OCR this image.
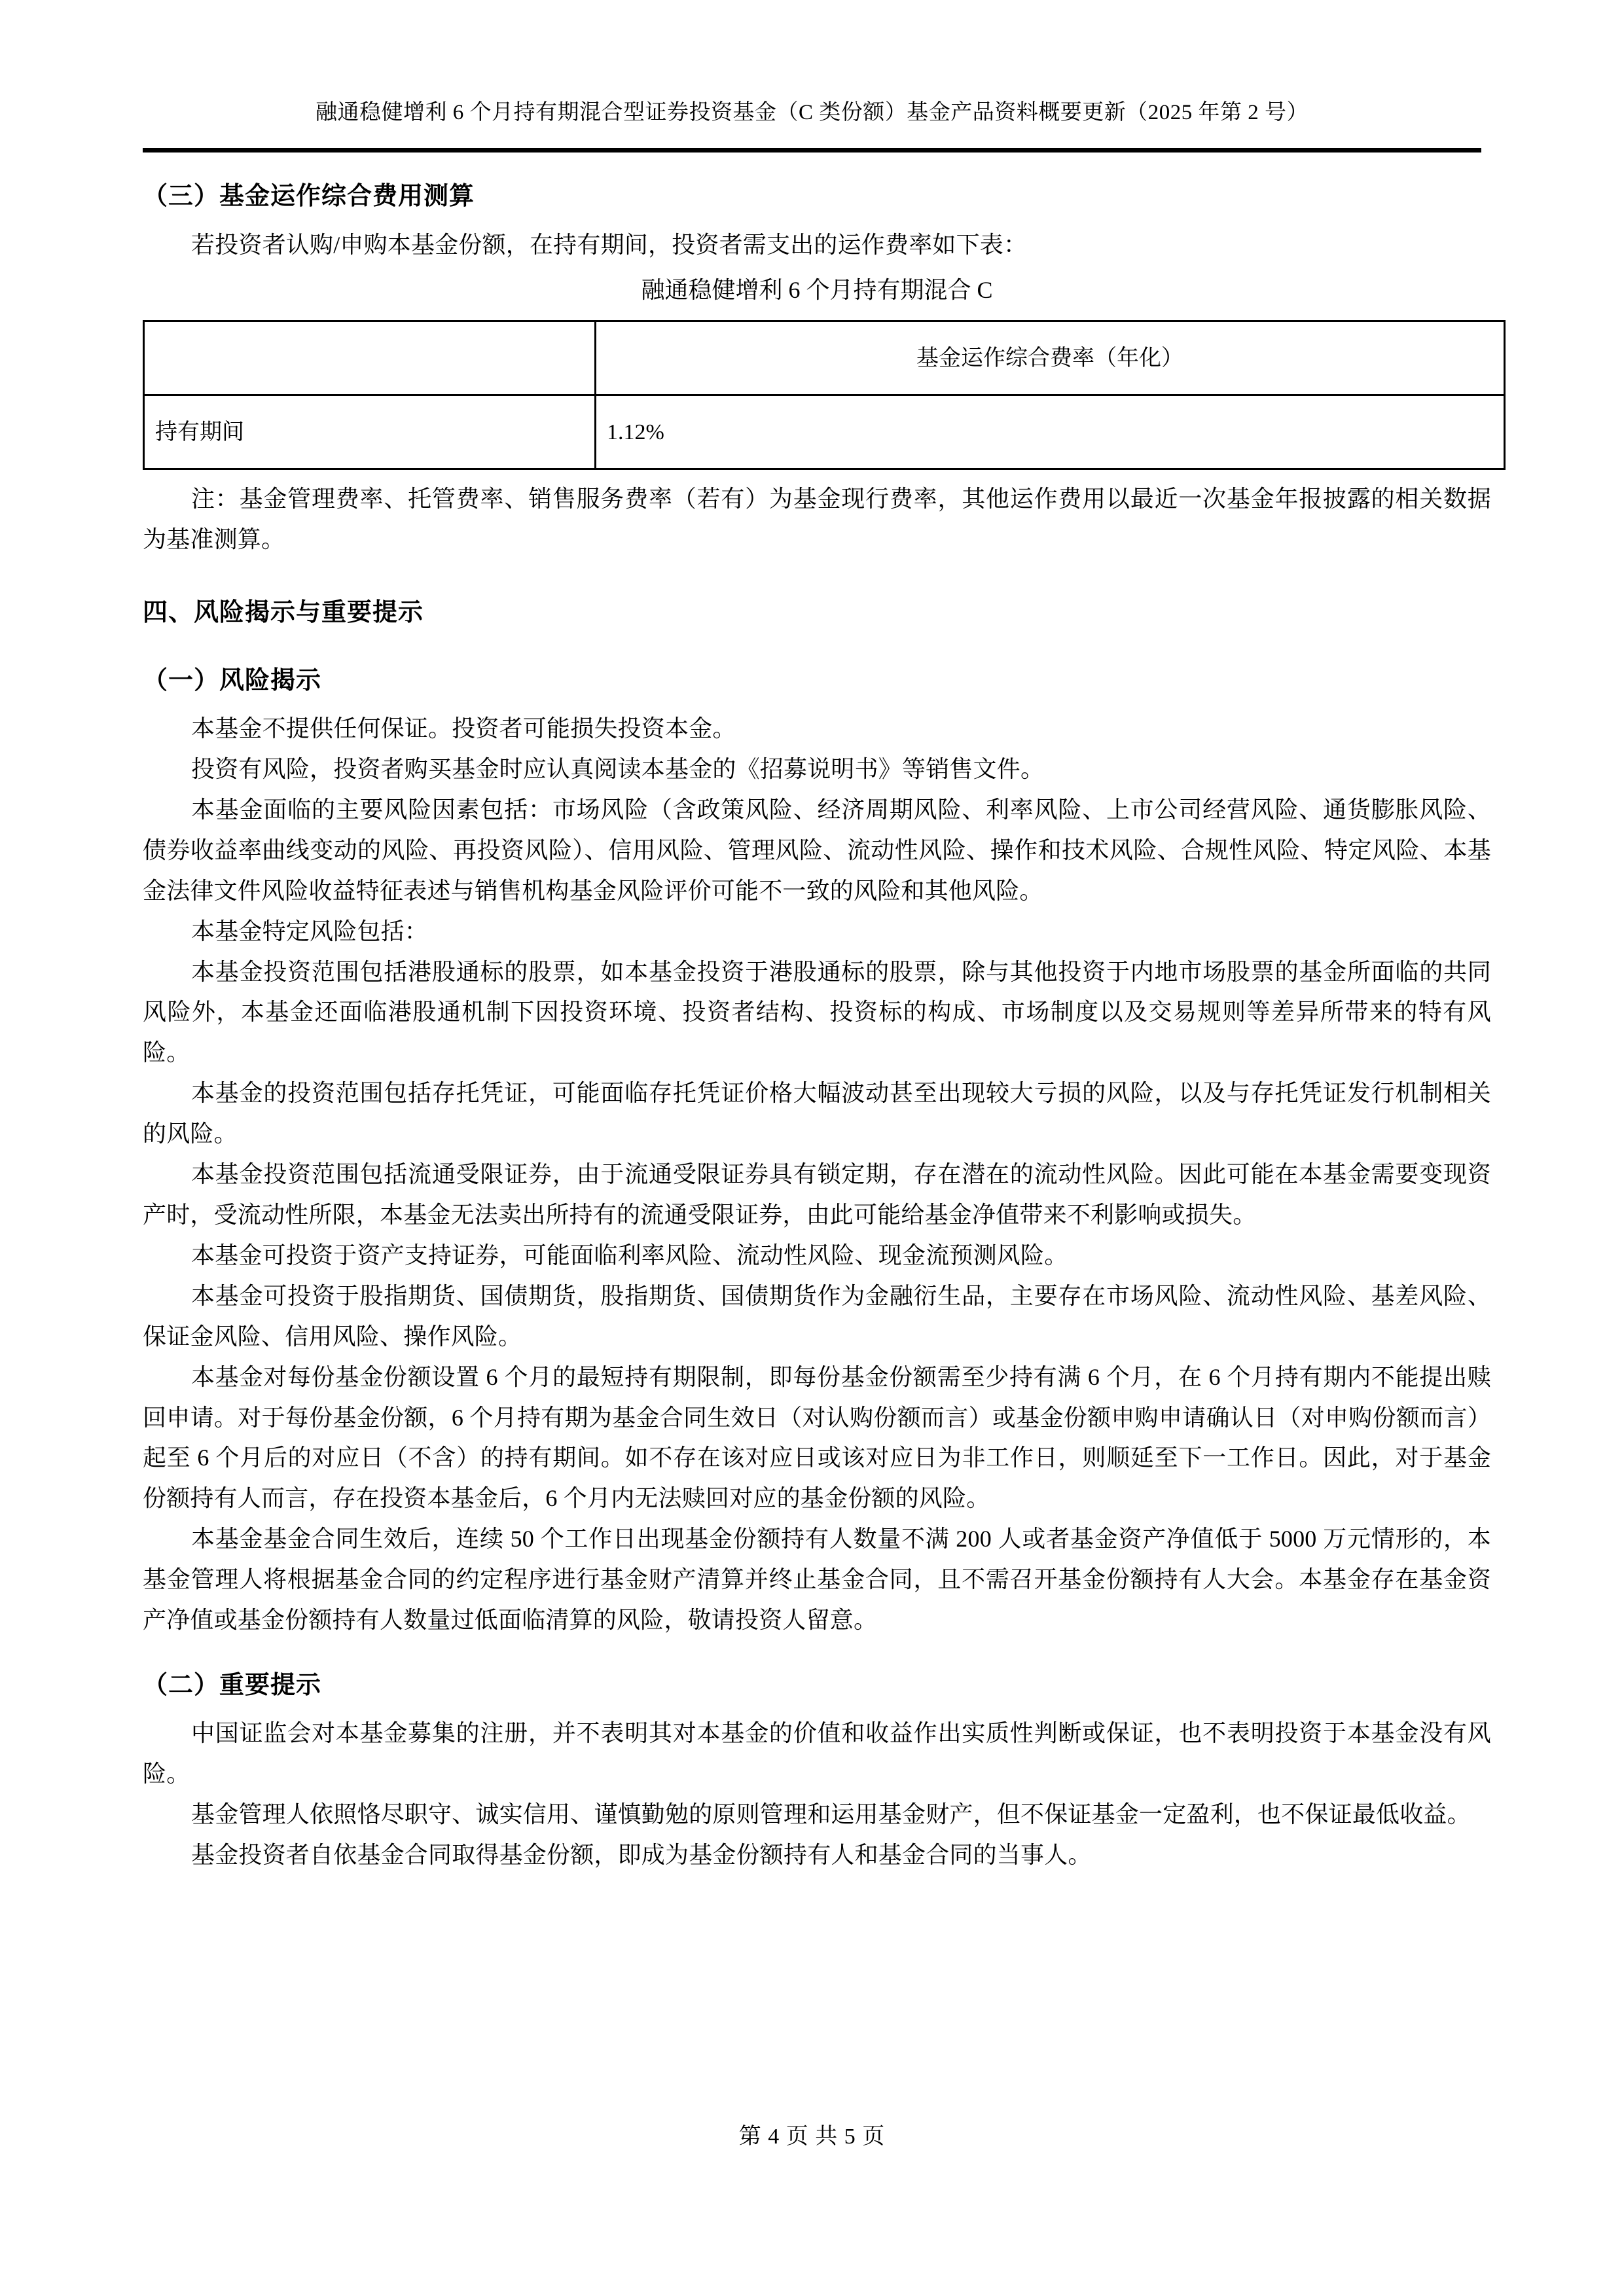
融通稳健增利 6 个月持有期混合型证券投资基金（C 类份额）基金产品资料概要更新（2025 年第 2 号）
（三）基金运作综合费用测算

若投资者认购/申购本基金份额，在持有期间，投资者需支出的运作费率如下表：

融通稳健增利 6 个月持有期混合 C

	基金运作综合费率（年化）
持有期间	1.12%

注：基金管理费率、托管费率、销售服务费率（若有）为基金现行费率，其他运作费用以最近一次基金年报披露的相关数据为基准测算。

四、风险揭示与重要提示
（一）风险揭示

本基金不提供任何保证。投资者可能损失投资本金。

投资有风险，投资者购买基金时应认真阅读本基金的《招募说明书》等销售文件。

本基金面临的主要风险因素包括：市场风险（含政策风险、经济周期风险、利率风险、上市公司经营风险、通货膨胀风险、债券收益率曲线变动的风险、再投资风险）、信用风险、管理风险、流动性风险、操作和技术风险、合规性风险、特定风险、本基金法律文件风险收益特征表述与销售机构基金风险评价可能不一致的风险和其他风险。

本基金特定风险包括：

本基金投资范围包括港股通标的股票，如本基金投资于港股通标的股票，除与其他投资于内地市场股票的基金所面临的共同风险外，本基金还面临港股通机制下因投资环境、投资者结构、投资标的构成、市场制度以及交易规则等差异所带来的特有风险。

本基金的投资范围包括存托凭证，可能面临存托凭证价格大幅波动甚至出现较大亏损的风险，以及与存托凭证发行机制相关的风险。

本基金投资范围包括流通受限证券，由于流通受限证券具有锁定期，存在潜在的流动性风险。因此可能在本基金需要变现资产时，受流动性所限，本基金无法卖出所持有的流通受限证券，由此可能给基金净值带来不利影响或损失。

本基金可投资于资产支持证券，可能面临利率风险、流动性风险、现金流预测风险。

本基金可投资于股指期货、国债期货，股指期货、国债期货作为金融衍生品，主要存在市场风险、流动性风险、基差风险、保证金风险、信用风险、操作风险。

本基金对每份基金份额设置 6 个月的最短持有期限制，即每份基金份额需至少持有满 6 个月，在 6 个月持有期内不能提出赎回申请。对于每份基金份额，6 个月持有期为基金合同生效日（对认购份额而言）或基金份额申购申请确认日（对申购份额而言）起至 6 个月后的对应日（不含）的持有期间。如不存在该对应日或该对应日为非工作日，则顺延至下一工作日。因此，对于基金份额持有人而言，存在投资本基金后，6 个月内无法赎回对应的基金份额的风险。

本基金基金合同生效后，连续 50 个工作日出现基金份额持有人数量不满 200 人或者基金资产净值低于 5000 万元情形的，本基金管理人将根据基金合同的约定程序进行基金财产清算并终止基金合同，且不需召开基金份额持有人大会。本基金存在基金资产净值或基金份额持有人数量过低面临清算的风险，敬请投资人留意。

（二）重要提示

中国证监会对本基金募集的注册，并不表明其对本基金的价值和收益作出实质性判断或保证，也不表明投资于本基金没有风险。

基金管理人依照恪尽职守、诚实信用、谨慎勤勉的原则管理和运用基金财产，但不保证基金一定盈利，也不保证最低收益。

基金投资者自依基金合同取得基金份额，即成为基金份额持有人和基金合同的当事人。

第 4 页 共 5 页
